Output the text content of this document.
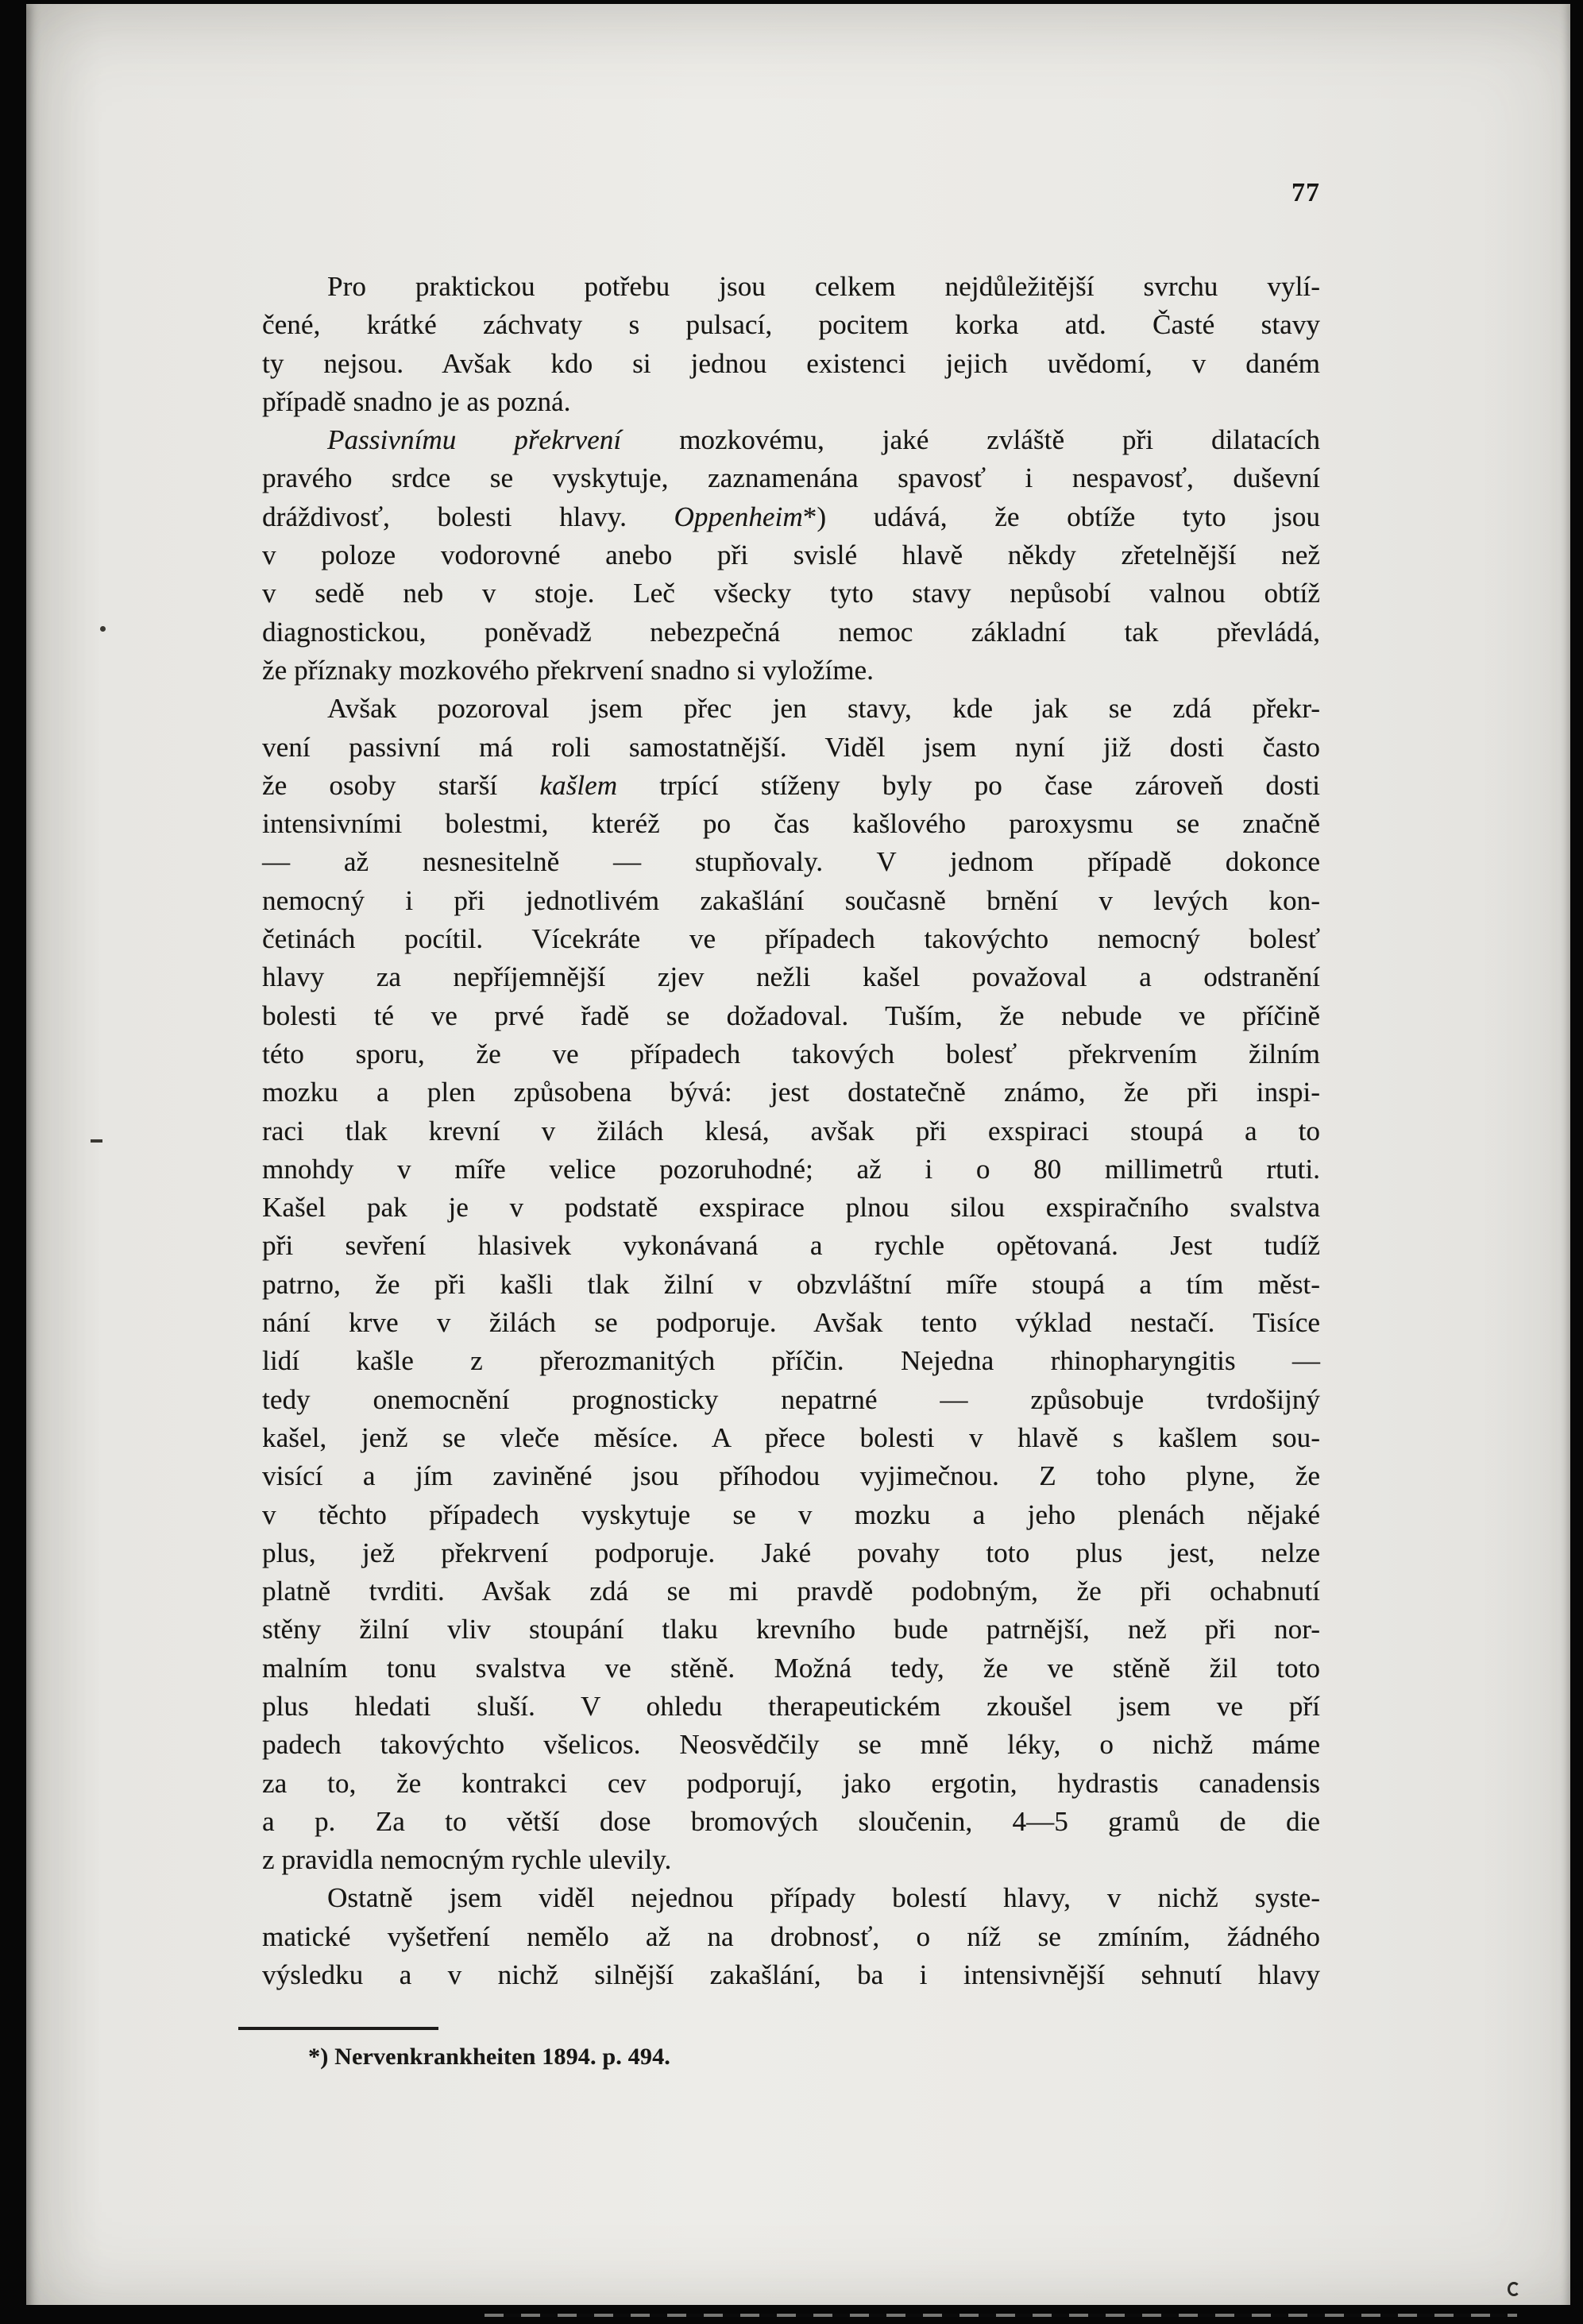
77
Pro praktickou potřebu jsou celkem nejdůležitější svrchu vylí-
čené, krátké záchvaty s pulsací, pocitem korka atd. Časté stavy
ty nejsou. Avšak kdo si jednou existenci jejich uvědomí, v daném
případě snadno je as pozná.
Passivnímu překrvení mozkovému, jaké zvláště při dilatacích
pravého srdce se vyskytuje, zaznamenána spavosť i nespavosť, duševní
dráždivosť, bolesti hlavy. Oppenheim*) udává, že obtíže tyto jsou
v poloze vodorovné anebo při svislé hlavě někdy zřetelnější než
v sedě neb v stoje. Leč všecky tyto stavy nepůsobí valnou obtíž
diagnostickou, poněvadž nebezpečná nemoc základní tak převládá,
že příznaky mozkového překrvení snadno si vyložíme.
Avšak pozoroval jsem přec jen stavy, kde jak se zdá překr-
vení passivní má roli samostatnější. Viděl jsem nyní již dosti často
že osoby starší kašlem trpící stíženy byly po čase zároveň dosti
intensivními bolestmi, kteréž po čas kašlového paroxysmu se značně
— až nesnesitelně — stupňovaly. V jednom případě dokonce
nemocný i při jednotlivém zakašlání současně brnění v levých kon-
četinách pocítil. Vícekráte ve případech takovýchto nemocný bolesť
hlavy za nepříjemnější zjev nežli kašel považoval a odstranění
bolesti té ve prvé řadě se dožadoval. Tuším, že nebude ve příčině
této sporu, že ve případech takových bolesť překrvením žilním
mozku a plen způsobena bývá: jest dostatečně známo, že při inspi-
raci tlak krevní v žilách klesá, avšak při exspiraci stoupá a to
mnohdy v míře velice pozoruhodné; až i o 80 millimetrů rtuti.
Kašel pak je v podstatě exspirace plnou silou exspiračního svalstva
při sevření hlasivek vykonávaná a rychle opětovaná. Jest tudíž
patrno, že při kašli tlak žilní v obzvláštní míře stoupá a tím měst-
nání krve v žilách se podporuje. Avšak tento výklad nestačí. Tisíce
lidí kašle z přerozmanitých příčin. Nejedna rhinopharyngitis —
tedy onemocnění prognosticky nepatrné — způsobuje tvrdošijný
kašel, jenž se vleče měsíce. A přece bolesti v hlavě s kašlem sou-
visící a jím zaviněné jsou příhodou vyjimečnou. Z toho plyne, že
v těchto případech vyskytuje se v mozku a jeho plenách nějaké
plus, jež překrvení podporuje. Jaké povahy toto plus jest, nelze
platně tvrditi. Avšak zdá se mi pravdě podobným, že při ochabnutí
stěny žilní vliv stoupání tlaku krevního bude patrnější, než při nor-
malním tonu svalstva ve stěně. Možná tedy, že ve stěně žil toto
plus hledati sluší. V ohledu therapeutickém zkoušel jsem ve pří
padech takovýchto všelicos. Neosvědčily se mně léky, o nichž máme
za to, že kontrakci cev podporují, jako ergotin, hydrastis canadensis
a p. Za to větší dose bromových sloučenin, 4—5 gramů de die
z pravidla nemocným rychle ulevily.
Ostatně jsem viděl nejednou případy bolestí hlavy, v nichž syste-
matické vyšetření nemělo až na drobnosť, o níž se zmíním, žádného
výsledku a v nichž silnější zakašlání, ba i intensivnější sehnutí hlavy
*) Nervenkrankheiten 1894. p. 494.
